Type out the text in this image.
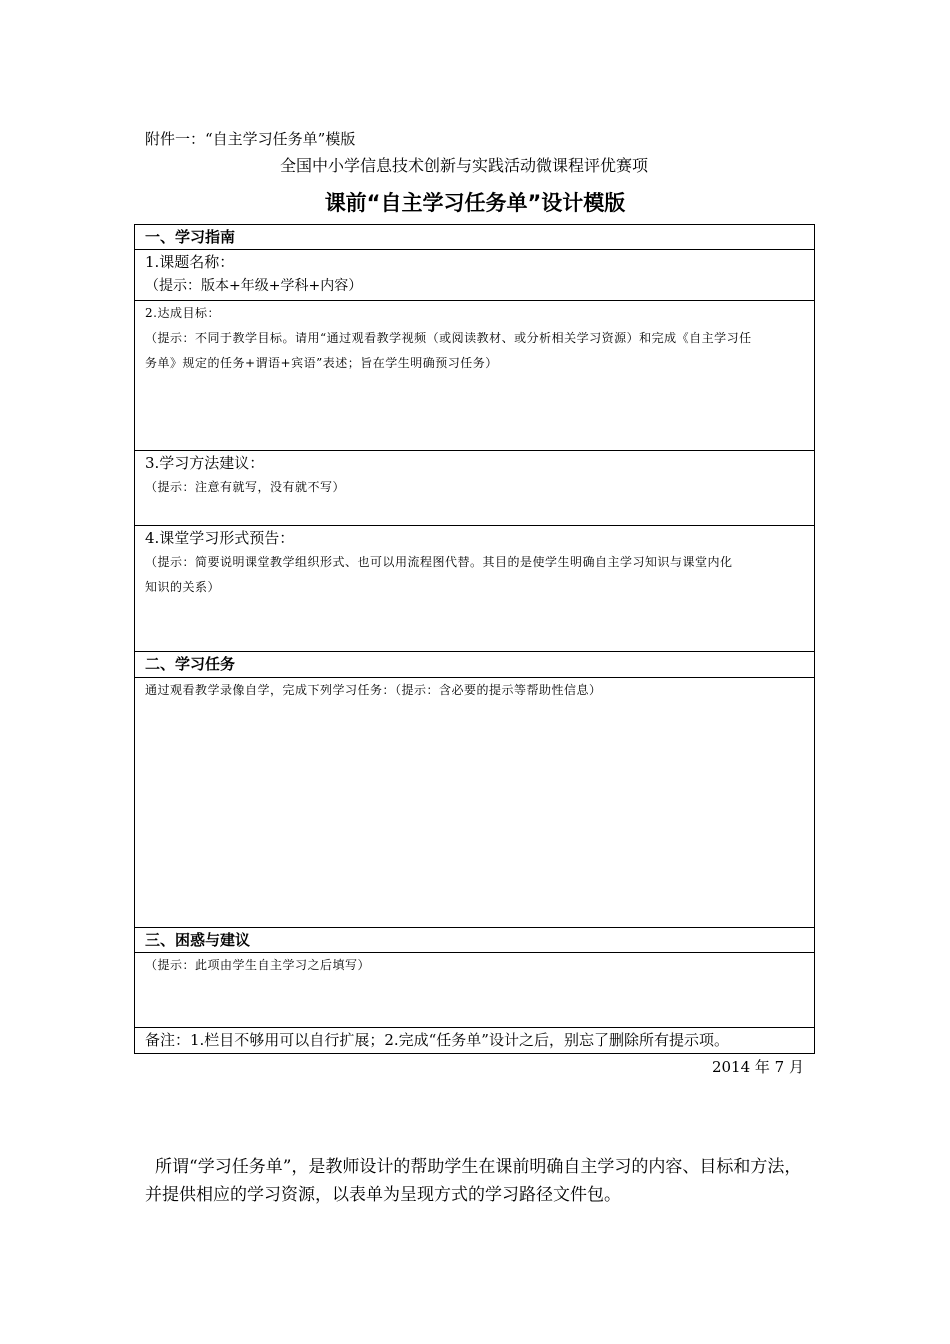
附件一：“自主学习任务单”模版
全国中小学信息技术创新与实践活动微课程评优赛项
课前“自主学习任务单”设计模版
一、学习指南

1.课题名称：
（提示：版本+年级+学科+内容）

2.达成目标：
（提示：不同于教学目标。请用“通过观看教学视频（或阅读教材、或分析相关学习资源）和完成《自主学习任
务单》规定的任务+谓语+宾语”表述；旨在学生明确预习任务）

3.学习方法建议：
（提示：注意有就写，没有就不写）

4.课堂学习形式预告：
（提示：简要说明课堂教学组织形式、也可以用流程图代替。其目的是使学生明确自主学习知识与课堂内化
知识的关系）

二、学习任务

通过观看教学录像自学，完成下列学习任务：（提示：含必要的提示等帮助性信息）

三、困惑与建议

（提示：此项由学生自主学习之后填写）

备注：1.栏目不够用可以自行扩展；2.完成“任务单”设计之后，别忘了删除所有提示项。
2014 年 7 月
所谓“学习任务单”，是教师设计的帮助学生在课前明确自主学习的内容、目标和方法，并提供相应的学习资源，以表单为呈现方式的学习路径文件包。
